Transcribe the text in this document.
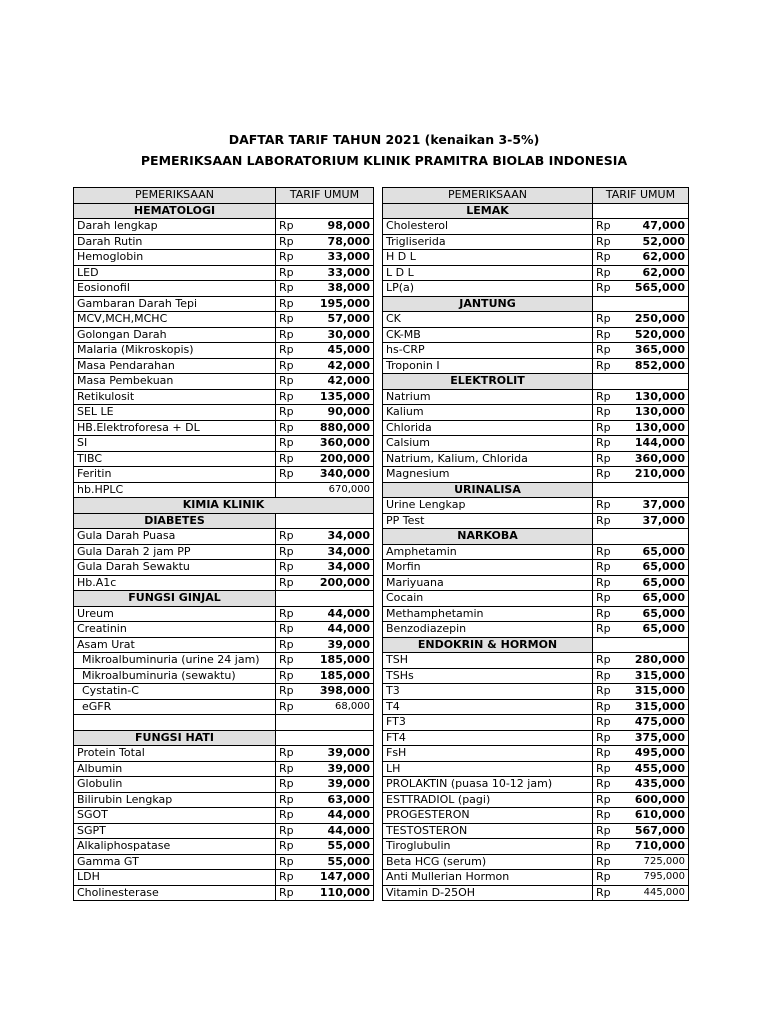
DAFTAR TARIF TAHUN 2021 (kenaikan 3-5%)
PEMERIKSAAN LABORATORIUM KLINIK PRAMITRA BIOLAB INDONESIA
PEMERIKSAAN	TARIF UMUM	
HEMATOLOGI		
Darah lengkap	Rp	98,000
Darah Rutin	Rp	78,000
Hemoglobin	Rp	33,000
LED	Rp	33,000
Eosionofil	Rp	38,000
Gambaran Darah Tepi	Rp	195,000
MCV,MCH,MCHC	Rp	57,000
Golongan Darah	Rp	30,000
Malaria (Mikroskopis)	Rp	45,000
Masa Pendarahan	Rp	42,000
Masa Pembekuan	Rp	42,000
Retikulosit	Rp	135,000
SEL LE	Rp	90,000
HB.Elektroforesa + DL	Rp	880,000
SI	Rp	360,000
TIBC	Rp	200,000
Feritin	Rp	340,000
hb.HPLC		670,000
KIMIA KLINIK		
DIABETES		
Gula Darah Puasa	Rp	34,000
Gula Darah 2 jam PP	Rp	34,000
Gula Darah Sewaktu	Rp	34,000
Hb.A1c	Rp	200,000
FUNGSI GINJAL		
Ureum	Rp	44,000
Creatinin	Rp	44,000
Asam Urat	Rp	39,000
Mikroalbuminuria (urine 24 jam)	Rp	185,000
Mikroalbuminuria (sewaktu)	Rp	185,000
Cystatin-C	Rp	398,000
eGFR	Rp	68,000

FUNGSI HATI		
Protein Total	Rp	39,000
Albumin	Rp	39,000
Globulin	Rp	39,000
Bilirubin Lengkap	Rp	63,000
SGOT	Rp	44,000
SGPT	Rp	44,000
Alkaliphospatase	Rp	55,000
Gamma GT	Rp	55,000
LDH	Rp	147,000
Cholinesterase	Rp	110,000
PEMERIKSAAN	TARIF UMUM	
LEMAK		
Cholesterol	Rp	47,000
Trigliserida	Rp	52,000
H D L	Rp	62,000
L D L	Rp	62,000
LP(a)	Rp	565,000
JANTUNG		
CK	Rp	250,000
CK-MB	Rp	520,000
hs-CRP	Rp	365,000
Troponin I	Rp	852,000
ELEKTROLIT		
Natrium	Rp	130,000
Kalium	Rp	130,000
Chlorida	Rp	130,000
Calsium	Rp	144,000
Natrium, Kalium, Chlorida	Rp	360,000
Magnesium	Rp	210,000
URINALISA		
Urine Lengkap	Rp	37,000
PP Test	Rp	37,000
NARKOBA		
Amphetamin	Rp	65,000
Morfin	Rp	65,000
Mariyuana	Rp	65,000
Cocain	Rp	65,000
Methamphetamin	Rp	65,000
Benzodiazepin	Rp	65,000
ENDOKRIN & HORMON		
TSH	Rp	280,000
TSHs	Rp	315,000
T3	Rp	315,000
T4	Rp	315,000
FT3	Rp	475,000
FT4	Rp	375,000
FsH	Rp	495,000
LH	Rp	455,000
PROLAKTIN (puasa 10-12 jam)	Rp	435,000
ESTTRADIOL (pagi)	Rp	600,000
PROGESTERON	Rp	610,000
TESTOSTERON	Rp	567,000
Tiroglubulin	Rp	710,000
Beta HCG (serum)	Rp	725,000
Anti Mullerian Hormon	Rp	795,000
Vitamin D-25OH	Rp	445,000
